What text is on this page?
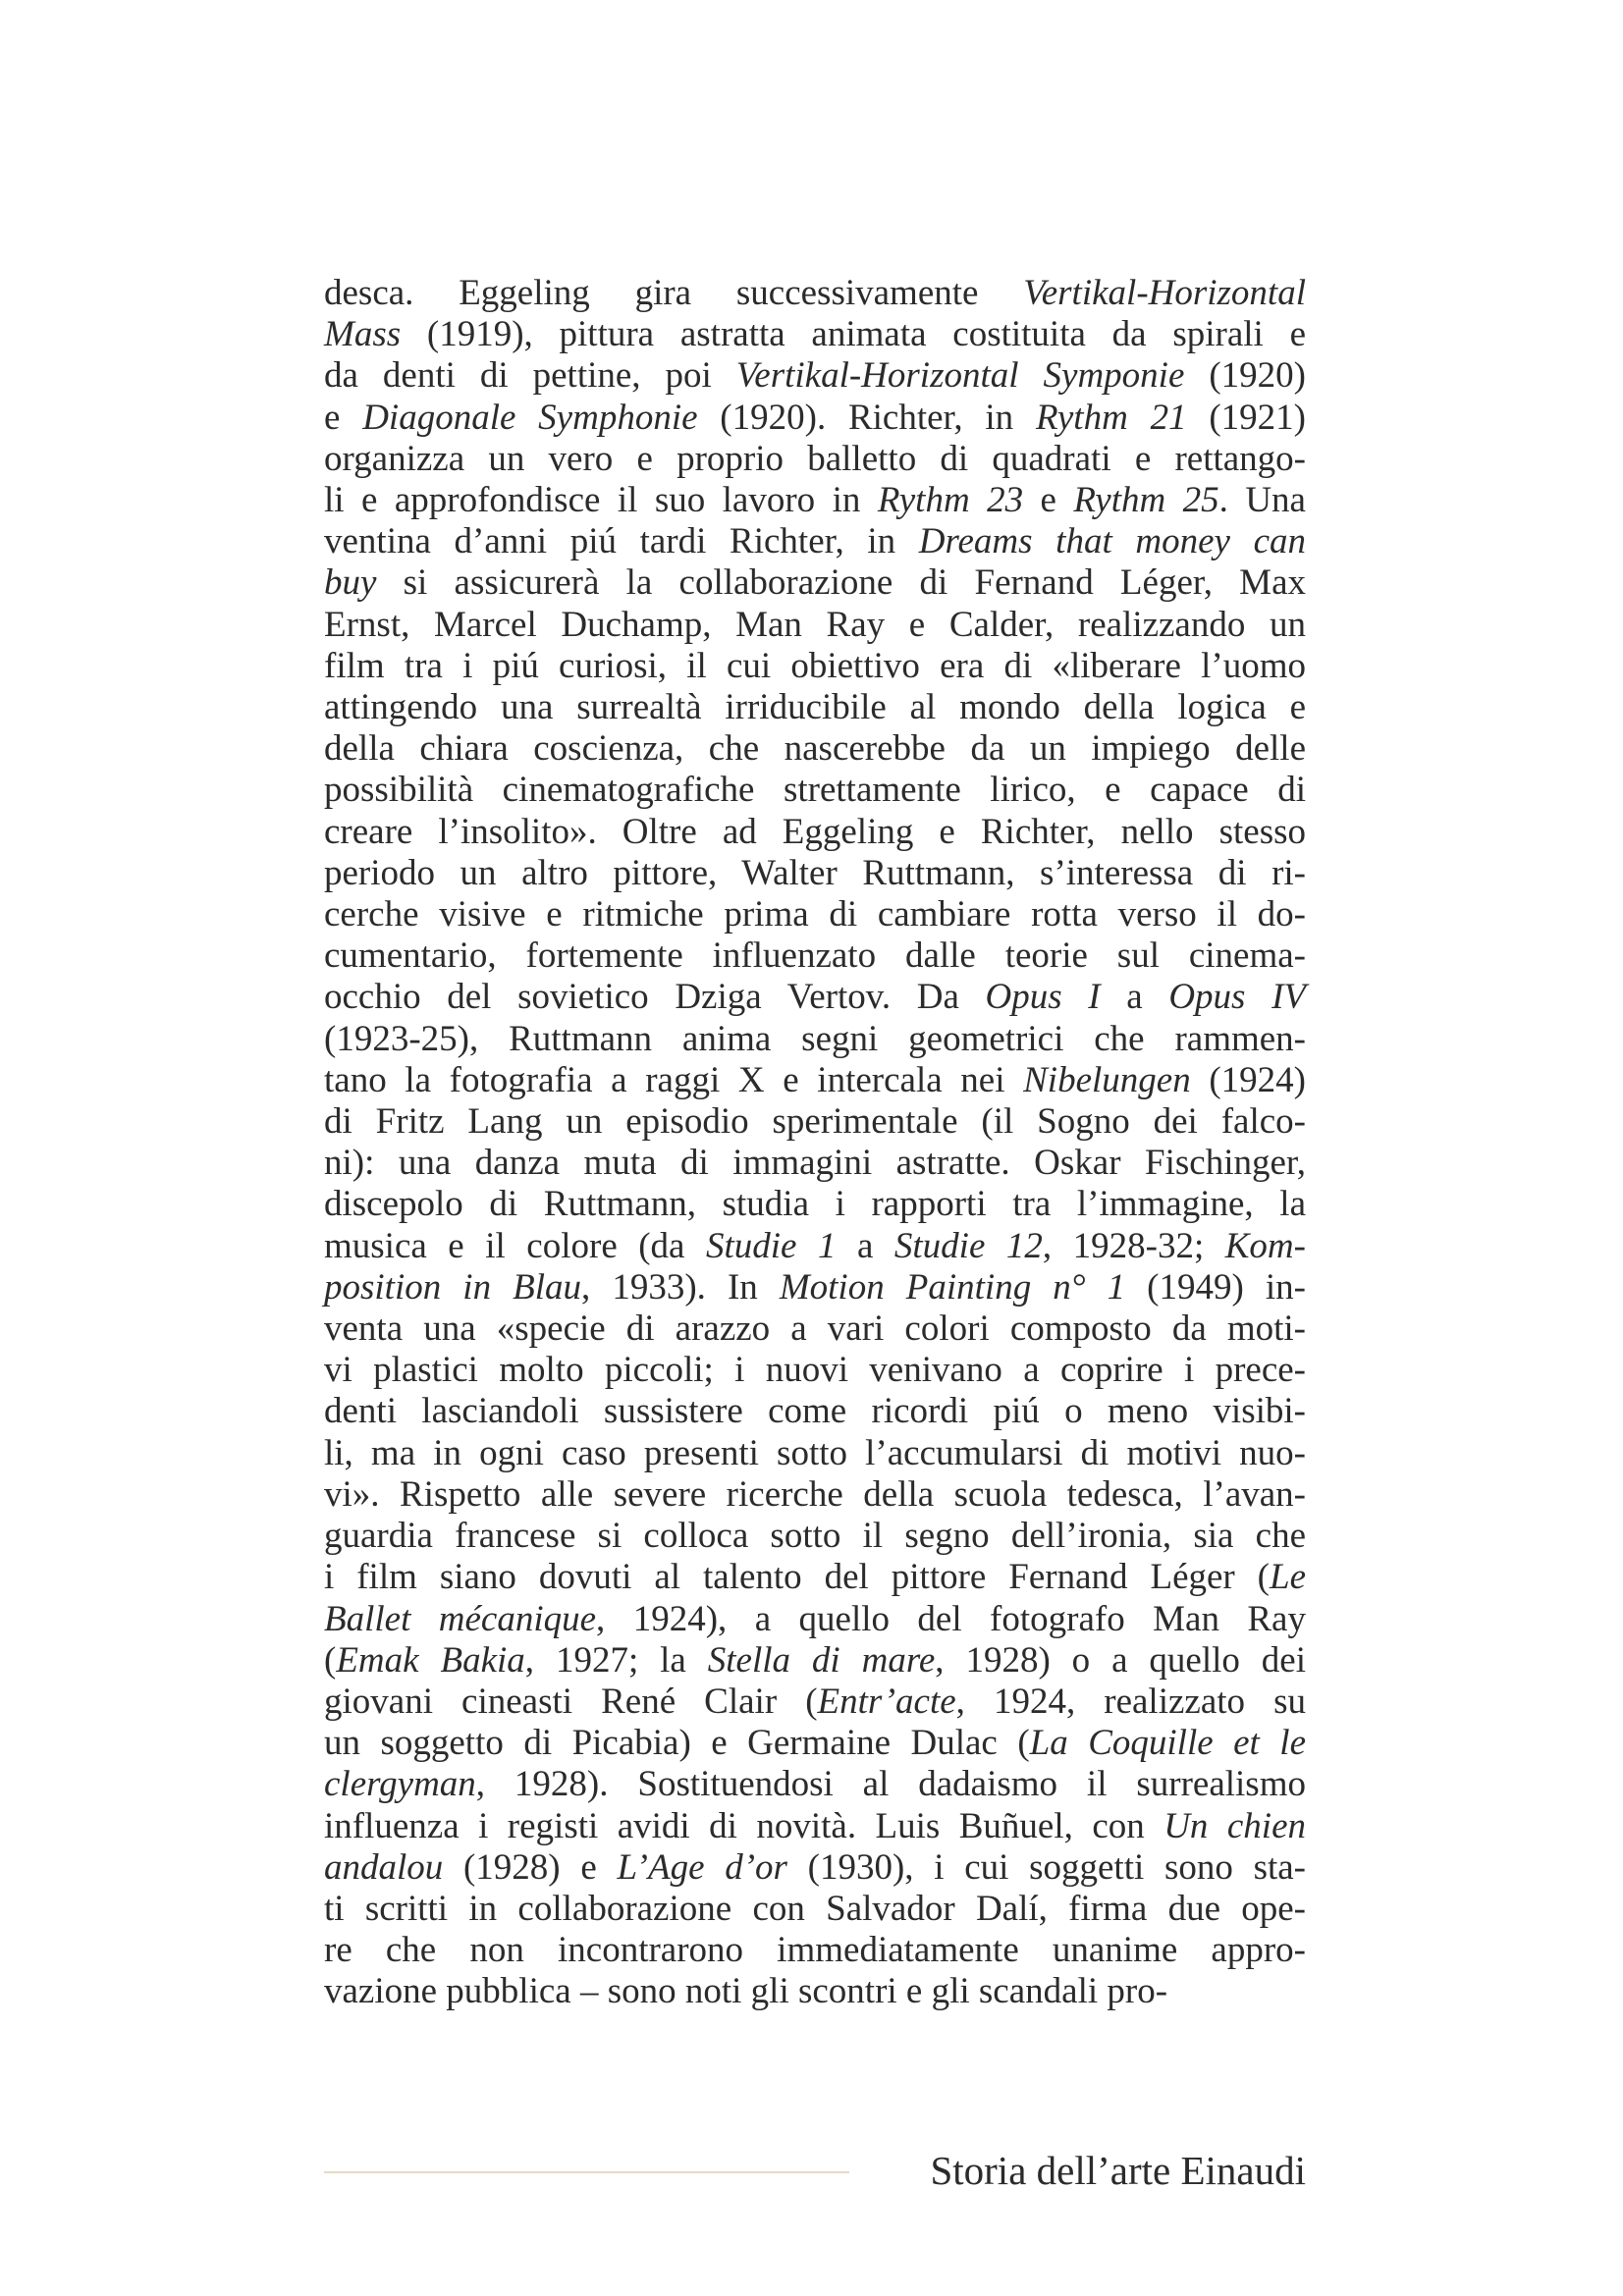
desca. Eggeling gira successivamente Vertikal-Horizontal
Mass (1919), pittura astratta animata costituita da spirali e
da denti di pettine, poi Vertikal-Horizontal Symponie (1920)
e Diagonale Symphonie (1920). Richter, in Rythm 21 (1921)
organizza un vero e proprio balletto di quadrati e rettango-
li e approfondisce il suo lavoro in Rythm 23 e Rythm 25. Una
ventina d’anni piú tardi Richter, in Dreams that money can
buy si assicurerà la collaborazione di Fernand Léger, Max
Ernst, Marcel Duchamp, Man Ray e Calder, realizzando un
film tra i piú curiosi, il cui obiettivo era di «liberare l’uomo
attingendo una surrealtà irriducibile al mondo della logica e
della chiara coscienza, che nascerebbe da un impiego delle
possibilità cinematografiche strettamente lirico, e capace di
creare l’insolito». Oltre ad Eggeling e Richter, nello stesso
periodo un altro pittore, Walter Ruttmann, s’interessa di ri-
cerche visive e ritmiche prima di cambiare rotta verso il do-
cumentario, fortemente influenzato dalle teorie sul cinema-
occhio del sovietico Dziga Vertov. Da Opus I a Opus IV
(1923-25), Ruttmann anima segni geometrici che rammen-
tano la fotografia a raggi X e intercala nei Nibelungen (1924)
di Fritz Lang un episodio sperimentale (il Sogno dei falco-
ni): una danza muta di immagini astratte. Oskar Fischinger,
discepolo di Ruttmann, studia i rapporti tra l’immagine, la
musica e il colore (da Studie 1 a Studie 12, 1928-32; Kom-
position in Blau, 1933). In Motion Painting n° 1 (1949) in-
venta una «specie di arazzo a vari colori composto da moti-
vi plastici molto piccoli; i nuovi venivano a coprire i prece-
denti lasciandoli sussistere come ricordi piú o meno visibi-
li, ma in ogni caso presenti sotto l’accumularsi di motivi nuo-
vi». Rispetto alle severe ricerche della scuola tedesca, l’avan-
guardia francese si colloca sotto il segno dell’ironia, sia che
i film siano dovuti al talento del pittore Fernand Léger (Le
Ballet mécanique, 1924), a quello del fotografo Man Ray
(Emak Bakia, 1927; la Stella di mare, 1928) o a quello dei
giovani cineasti René Clair (Entr’acte, 1924, realizzato su
un soggetto di Picabia) e Germaine Dulac (La Coquille et le
clergyman, 1928). Sostituendosi al dadaismo il surrealismo
influenza i registi avidi di novità. Luis Buñuel, con Un chien
andalou (1928) e L’Age d’or (1930), i cui soggetti sono sta-
ti scritti in collaborazione con Salvador Dalí, firma due ope-
re che non incontrarono immediatamente unanime appro-
vazione pubblica – sono noti gli scontri e gli scandali pro-
Storia dell’arte Einaudi
